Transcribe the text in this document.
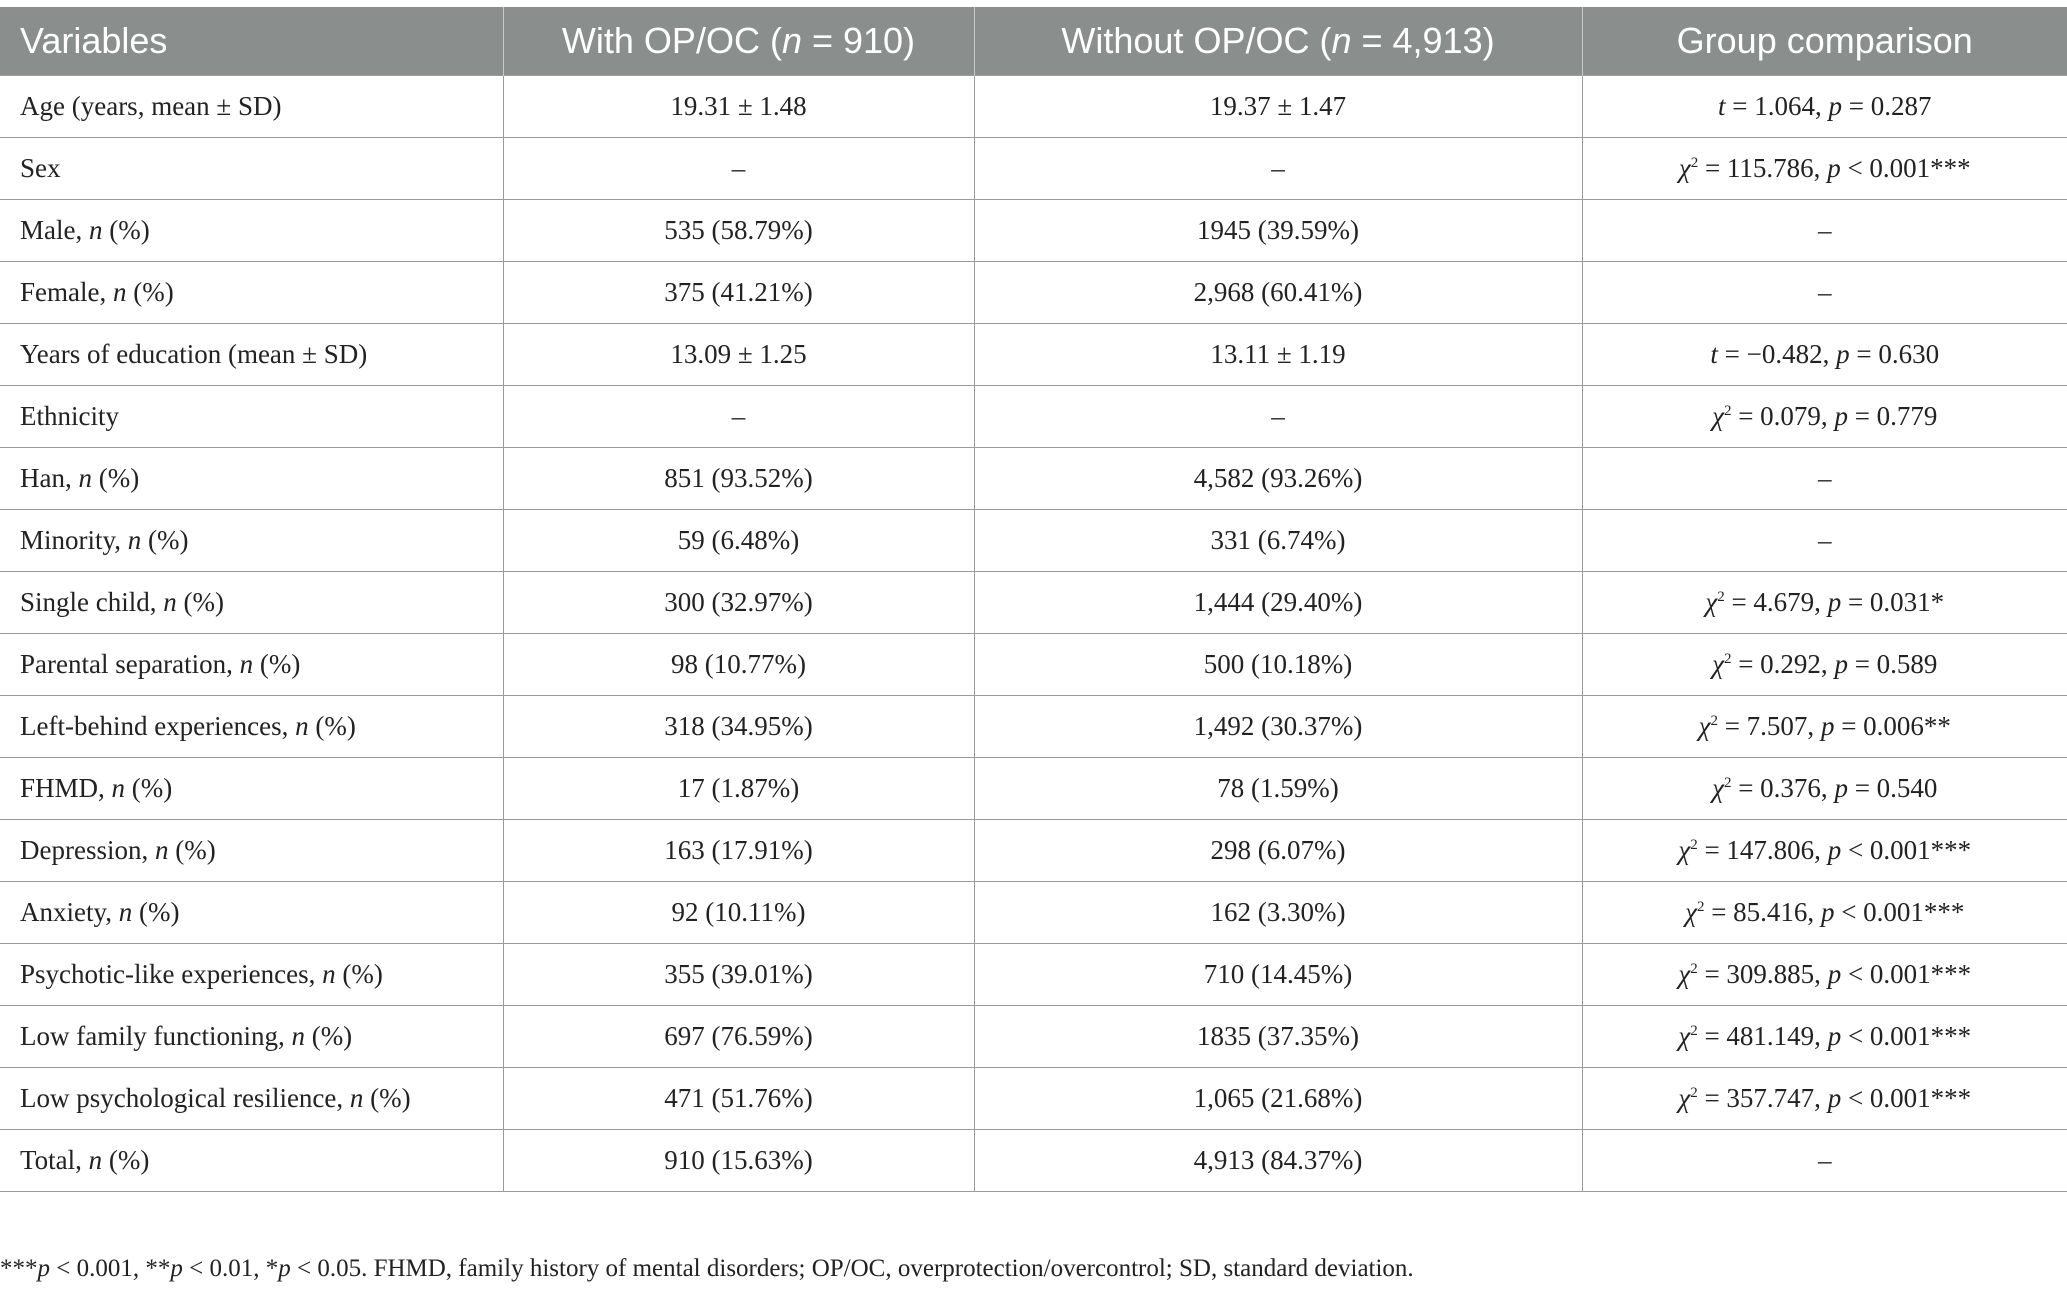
Variables	With OP/OC (n = 910)	Without OP/OC (n = 4,913)	Group comparison
Age (years, mean ± SD)	19.31 ± 1.48	19.37 ± 1.47	t = 1.064, p = 0.287
Sex	–	–	$\chi^2 = 115.786$, p < 0.001***
Male, n (%)	535 (58.79%)	1945 (39.59%)	–
Female, n (%)	375 (41.21%)	2,968 (60.41%)	–
Years of education (mean ± SD)	13.09 ± 1.25	13.11 ± 1.19	t = −0.482, p = 0.630
Ethnicity	–	–	$\chi^2 = 0.079$, p = 0.779
Han, n (%)	851 (93.52%)	4,582 (93.26%)	–
Minority, n (%)	59 (6.48%)	331 (6.74%)	–
Single child, n (%)	300 (32.97%)	1,444 (29.40%)	$\chi^2 = 4.679$, p = 0.031*
Parental separation, n (%)	98 (10.77%)	500 (10.18%)	$\chi^2 = 0.292$, p = 0.589
Left-behind experiences, n (%)	318 (34.95%)	1,492 (30.37%)	$\chi^2 = 7.507$, p = 0.006**
FHMD, n (%)	17 (1.87%)	78 (1.59%)	$\chi^2 = 0.376$, p = 0.540
Depression, n (%)	163 (17.91%)	298 (6.07%)	$\chi^2 = 147.806$, p < 0.001***
Anxiety, n (%)	92 (10.11%)	162 (3.30%)	$\chi^2 = 85.416$, p < 0.001***
Psychotic-like experiences, n (%)	355 (39.01%)	710 (14.45%)	$\chi^2 = 309.885$, p < 0.001***
Low family functioning, n (%)	697 (76.59%)	1835 (37.35%)	$\chi^2 = 481.149$, p < 0.001***
Low psychological resilience, n (%)	471 (51.76%)	1,065 (21.68%)	$\chi^2 = 357.747$, p < 0.001***
Total, n (%)	910 (15.63%)	4,913 (84.37%)	–
***p < 0.001, **p < 0.01, *p < 0.05. FHMD, family history of mental disorders; OP/OC, overprotection/overcontrol; SD, standard deviation.
